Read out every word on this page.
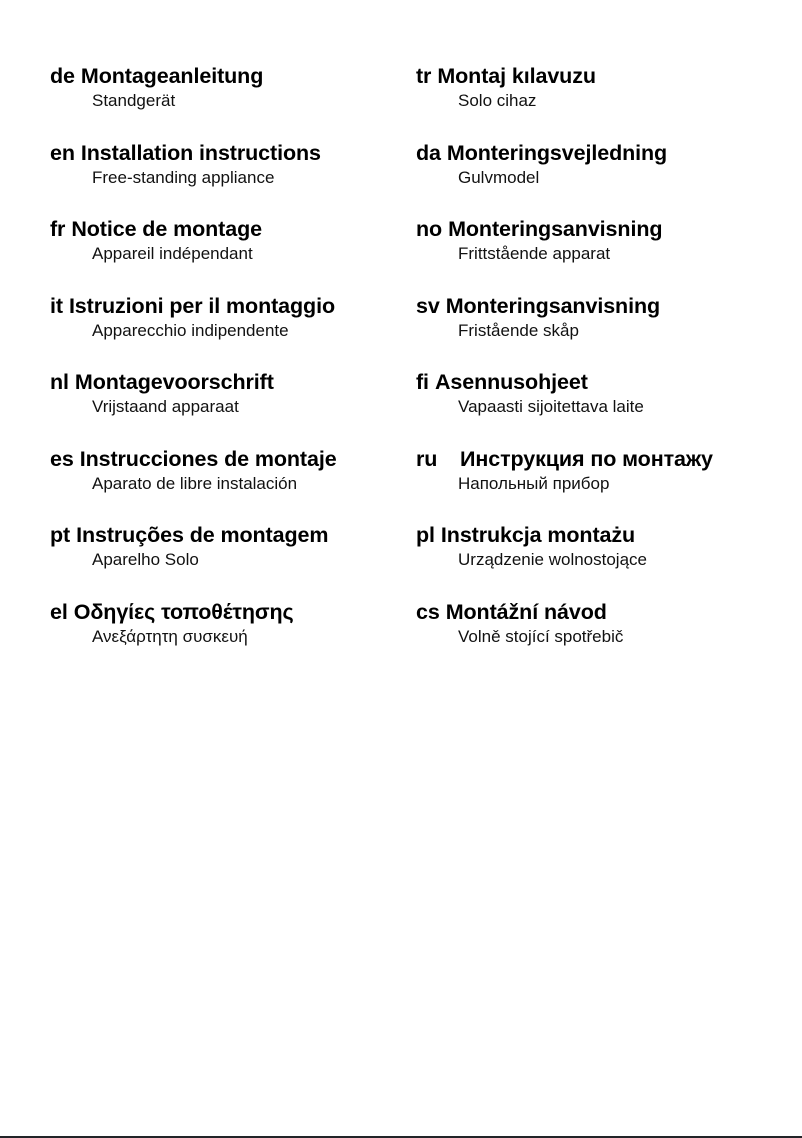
de Montageanleitung
Standgerät
en Installation instructions
Free-standing appliance
fr Notice de montage
Appareil indépendant
it Istruzioni per il montaggio
Apparecchio indipendente
nl Montagevoorschrift
Vrijstaand apparaat
es Instrucciones de montaje
Aparato de libre instalación
pt Instruções de montagem
Aparelho Solo
el Οδηγίες τοποθέτησης
Ανεξάρτητη συσκευή
tr Montaj kılavuzu
Solo cihaz
da Monteringsvejledning
Gulvmodel
no Monteringsanvisning
Frittstående apparat
sv Monteringsanvisning
Fristående skåp
fi Asennusohjeet
Vapaasti sijoitettava laite
ru Инструкция по монтажу
Напольный прибор
pl Instrukcja montażu
Urządzenie wolnostojące
cs Montážní návod
Volně stojící spotřebič
